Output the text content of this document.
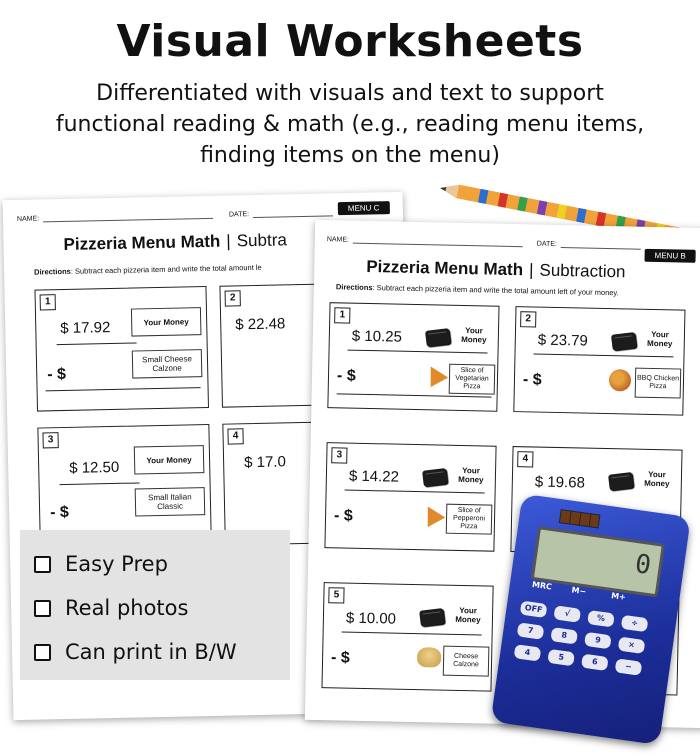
Visual Worksheets
Differentiated with visuals and text to support functional reading & math (e.g., reading menu items, finding items on the menu)
NAME:
DATE:
MENU C
Pizzeria Menu Math | Subtra
Directions: Subtract each pizzeria item and write the total amount le
1
$ 17.92	Your Money
- $
Small Cheese Calzone
2
$ 22.48
3
$ 12.50	Your Money
- $
Small Italian Classic
4
$ 17.0
NAME:
DATE:
MENU B
Pizzeria Menu Math | Subtraction
Directions: Subtract each pizzeria item and write the total amount left of your money.
1
$ 10.25	Your Money
- $	Slice of Vegetarian Pizza
2
$ 23.79	Your Money
- $	BBQ Chicken Pizza
3
$ 14.22	Your Money
- $	Slice of Pepperoni Pizza
4
$ 19.68	Your Money
5
$ 10.00	Your Money
- $	Cheese Calzone
Easy Prep
Real photos
Can print in B/W
0
MRC M−
M+
OFF	√	%	÷
7	8	9	×
4	5	6	−
